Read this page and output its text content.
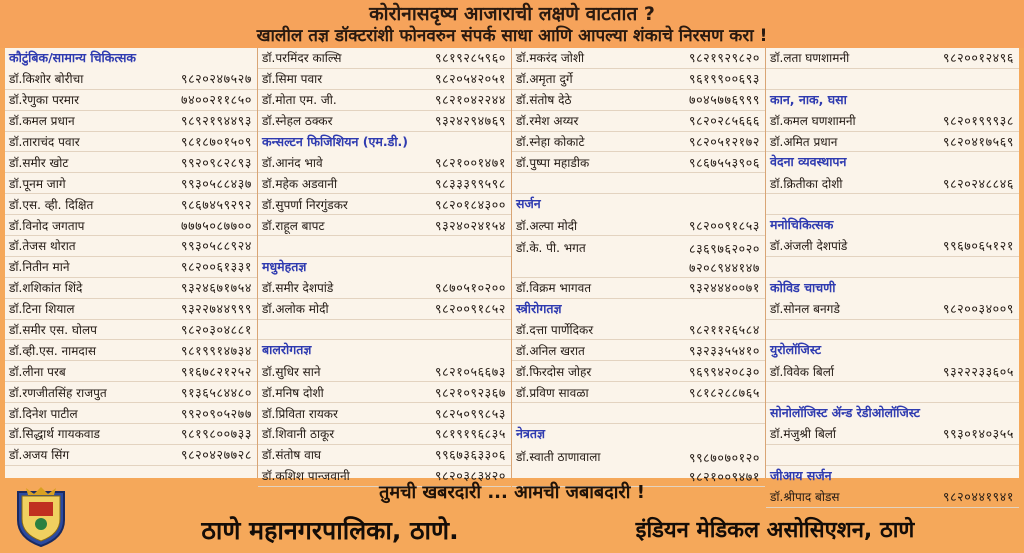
कोरोनासदृष्य आजाराची लक्षणे वाटतात ?
खालील तज्ञ डॉक्टरांशी फोनवरुन संपर्क साधा आणि आपल्या शंकाचे निरसण करा !
कौटुंबिक/सामान्य चिकित्सक
डॉ.किशोर बोरीचा	९८२०२४७५२७
डॉ.रेणुका परमार	७४००२११८५०
डॉ.कमल प्रधान	९८९२१९४४९३
डॉ.ताराचंद पवार	९८१८७०१५०९
डॉ.समीर खोट	९९२०९८२८९३
डॉ.पूनम जागे	९९३०५८८४३७
डॉ.एस. व्ही. दिक्षित	९८६७४५९२९२
डॉ.विनोद जगताप	७७७५०८७७००
डॉ.तेजस थोरात	९९३०५८८९२४
डॉ.नितीन माने	९८२००६१३३१
डॉ.शशिकांत शिंदे	९३२४६७१७५४
डॉ.टिना शियाल	९३२२७४४९९९
डॉ.समीर एस. घोलप	९८२०३०४८८१
डॉ.व्ही.एस. नामदास	९८१९९१४७३४
डॉ.लीना परब	९१६७८२१२५२
डॉ.रणजीतसिंह राजपुत	९१३६५८४४८०
डॉ.दिनेश पाटील	९९२०९०५२७७
डॉ.सिद्धार्थ गायकवाड	९८१९८००७३३
डॉ.अजय सिंग	९८२०४२७७२८
डॉ.परमिंदर काल्सि	९८१९२८५९६०
डॉ.सिमा पवार	९८२०५४२०५१
डॉ.मोता एम. जी.	९८२१०४२२४४
डॉ.स्नेहल ठक्कर	९३२४२९४७६९
कन्सल्टन फिजिशियन (एम.डी.)
डॉ.आनंद भावे	९८२१००१४७१
डॉ.महेक अडवानी	९८३३३९९५९८
डॉ.सुपर्णा निरगुंडकर	९८२०१८४३००
डॉ.राहूल बापट	९३२४०२४१५४
मधुमेहतज्ञ
डॉ.समीर देशपांडे	९८७०५१०२००
डॉ.अलोक मोदी	९८२००९१८५२
बालरोगतज्ञ
डॉ.सुधिर साने	९८२१०५६६७३
डॉ.मनिष दोशी	९८२१०९२३६७
डॉ.प्रिविता रायकर	९८२५०९९८५३
डॉ.शिवानी ठाकूर	९८१९१९६८३५
डॉ.संतोष वाघ	९९६७३६३३०६
डॉ.कशिश पान्जवानी	९८२०३८३४२०
डॉ.मकरंद जोशी	९८२१९२९८२०
डॉ.अमृता दुर्गे	९६१९९००६९३
डॉ.संतोष देठे	७०४५७७६९९९
डॉ.रमेश अय्यर	९८२०२८५६६६
डॉ.स्नेहा कोकाटे	९८२०५१२१७२
डॉ.पुष्पा महाडीक	९८६७५५३९०६
सर्जन
डॉ.अल्पा मोदी	९८२००९१८५३
डॉ.के. पी. भगत	८३६९७६२०२०
७२०८९४४१४७
डॉ.विक्रम भागवत	९३२४४४००७१
स्त्रीरोगतज्ञ
डॉ.दत्ता पार्णेदिकर	९८२११२६५८४
डॉ.अनिल खरात	९३२३३५५४१०
डॉ.फिरदोस जोहर	९६९९४२०८३०
डॉ.प्रविण सावळा	९८१८२८८७६५
नेत्रतज्ञ
डॉ.स्वाती ठाणावाला	९९८७०७०१२०
९८२१००९४७१
डॉ.लता घणशामनी	९८२००१२४९६
कान, नाक, घसा
डॉ.कमल घणशामनी	९८२०१९९९३८
डॉ.अमित प्रधान	९८२०४१७५६९
वेदना व्यवस्थापन
डॉ.क्रितीका दोशी	९८२०२४८८४६
मनोचिकित्सक
डॉ.अंजली देशपांडे	९९६७०६५१२१
कोविड चाचणी
डॉ.सोनल बनगडे	९८२००३४००९
युरोलॉजिस्ट
डॉ.विवेक बिर्ला	९३२२२३३६०५
सोनोलॉजिस्ट ॲन्ड रेडीओलॉजिस्ट
डॉ.मंजुश्री बिर्ला	९९३०१४०३५५
जीआय सर्जन
डॉ.श्रीपाद बोडस	९८२०४४१९४१
तुमची खबरदारी ... आमची जबाबदारी !
ठाणे महानगरपालिका, ठाणे.	इंडियन मेडिकल असोसिएशन, ठाणे
